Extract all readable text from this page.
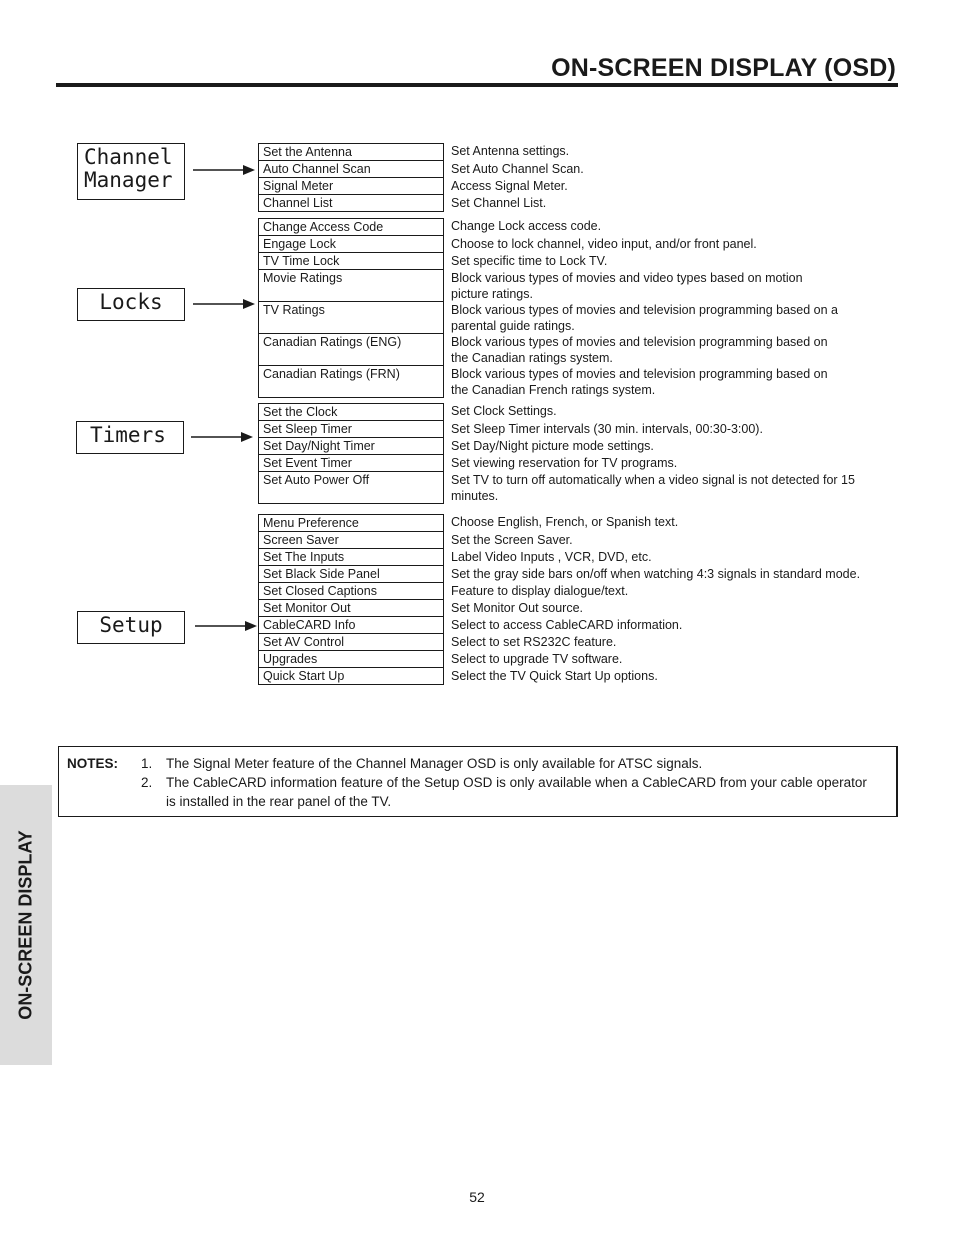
ON-SCREEN DISPLAY (OSD)
ON-SCREEN DISPLAY
Channel
Manager
Locks
Timers
Setup
Set the Antenna	Set Antenna settings.
Auto Channel Scan	Set Auto Channel Scan.
Signal Meter	Access Signal Meter.
Channel List	Set Channel List.
Change Access Code	Change Lock access code.
Engage Lock	Choose to lock channel, video input, and/or front panel.
TV Time Lock	Set specific time to Lock TV.
Movie Ratings	Block various types of movies and video types based on motion
picture ratings.
TV Ratings	Block various types of movies and television programming based on a
parental guide ratings.
Canadian Ratings (ENG)	Block various types of movies and television programming based on
the Canadian ratings system.
Canadian Ratings (FRN)	Block various types of movies and television programming based on
the Canadian French ratings system.
Set the Clock	Set Clock Settings.
Set Sleep Timer	Set Sleep Timer intervals (30 min. intervals, 00:30-3:00).
Set Day/Night Timer	Set Day/Night picture mode settings.
Set Event Timer	Set viewing reservation for TV programs.
Set Auto Power Off	Set TV to turn off automatically when a video signal is not detected for 15
minutes.
Menu Preference	Choose English, French, or Spanish text.
Screen Saver	Set the Screen Saver.
Set The Inputs	Label Video Inputs , VCR, DVD, etc.
Set Black Side Panel	Set the gray side bars on/off when watching 4:3 signals in standard mode.
Set Closed Captions	Feature to display dialogue/text.
Set Monitor Out	Set Monitor Out source.
CableCARD Info	Select to access CableCARD information.
Set AV Control	Select to set RS232C feature.
Upgrades	Select to upgrade TV software.
Quick Start Up	Select the TV Quick Start Up options.
NOTES: 1. The Signal Meter feature of the Channel Manager OSD is only available for ATSC signals.
2. The CableCARD information feature of the Setup OSD is only available when a CableCARD from your cable operator is installed in the rear panel of the TV.
52
